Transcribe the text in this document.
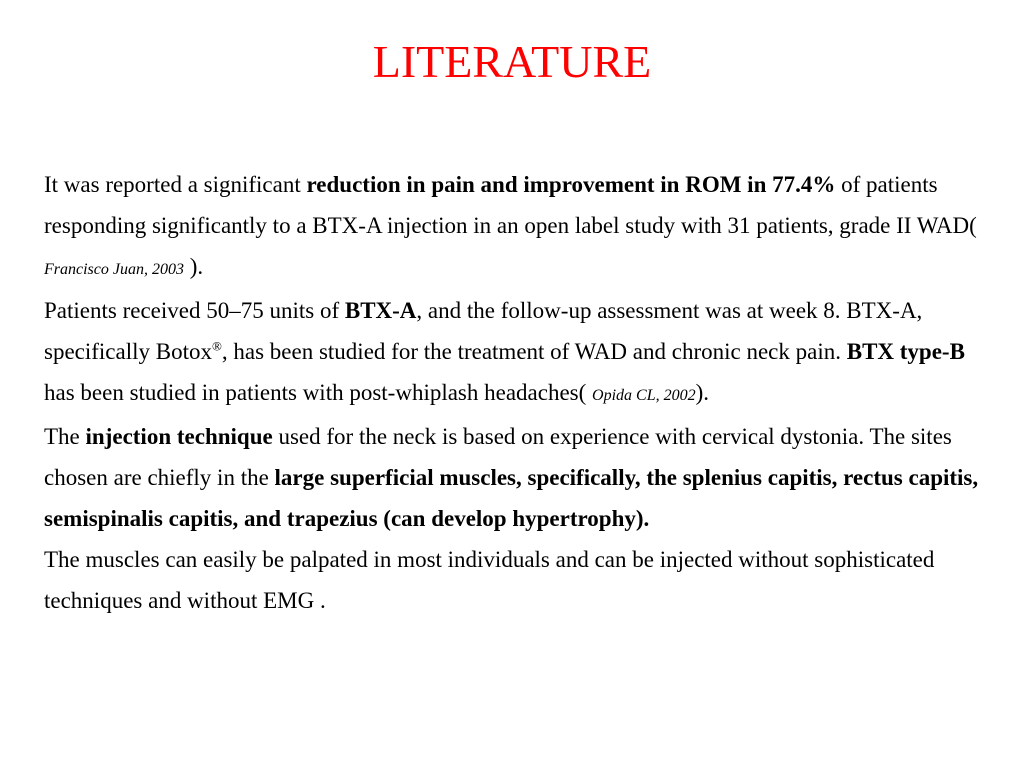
LITERATURE

It was reported a significant reduction in pain and improvement in ROM in 77.4% of patients responding significantly to a BTX-A injection in an open label study with 31 patients, grade II WAD( Francisco Juan, 2003 ).

Patients received 50–75 units of BTX-A, and the follow-up assessment was at week 8. BTX-A, specifically Botox®, has been studied for the treatment of WAD and chronic neck pain. BTX type-B has been studied in patients with post-whiplash headaches( Opida CL, 2002).

The injection technique used for the neck is based on experience with cervical dystonia. The sites chosen are chiefly in the large superficial muscles, specifically, the splenius capitis, rectus capitis, semispinalis capitis, and trapezius (can develop hypertrophy).

The muscles can easily be palpated in most individuals and can be injected without sophisticated techniques and without EMG .
